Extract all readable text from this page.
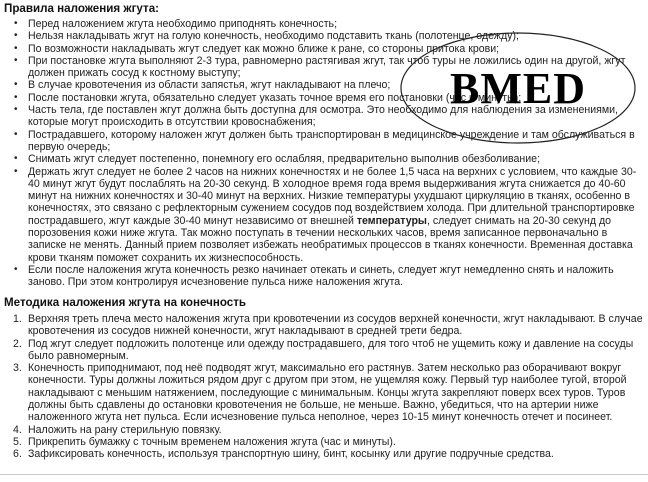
Правила наложения жгута:
• Перед наложением жгута необходимо приподнять конечность;
• Нельзя накладывать жгут на голую конечность, необходимо подставить ткань (полотенце, одежду);
• По возможности накладывать жгут следует как можно ближе к ране, со стороны притока крови;
• При постановке жгута выполняют 2-3 тура, равномерно растягивая жгут, так чтоб туры не ложились один на другой, жгут должен прижать сосуд к костному выступу;
• В случае кровотечения из области запястья, жгут накладывают на плечо;
• После постановки жгута, обязательно следует указать точное время его постановки (час и минуты);
• Часть тела, где поставлен жгут должна быть доступна для осмотра. Это необходимо для наблюдения за изменениями, которые могут происходить в отсутствии кровоснабжения;
• Пострадавшего, которому наложен жгут должен быть транспортирован в медицинское учреждение и там обслуживаться в первую очередь;
• Снимать жгут следует постепенно, понемногу его ослабляя, предварительно выполнив обезболивание;
• Держать жгут следует не более 2 часов на нижних конечностях и не более 1,5 часа на верхних с условием, что каждые 30-40 минут жгут будут послаблять на 20-30 секунд. В холодное время года время выдерживания жгута снижается до 40-60 минут на нижних конечностях и 30-40 минут на верхних. Низкие температуры ухудшают циркуляцию в тканях, особенно в конечностях, это связано с рефлекторным сужением сосудов под воздействием холода. При длительной транспортировке пострадавшего, жгут каждые 30-40 минут независимо от внешней температуры, следует снимать на 20-30 секунд до порозовения кожи ниже жгута. Так можно поступать в течении нескольких часов, время записанное первоначально в записке не менять. Данный прием позволяет избежать необратимых процессов в тканях конечности. Временная доставка крови тканям поможет сохранить их жизнеспособность.
• Если после наложения жгута конечность резко начинает отекать и синеть, следует жгут немедленно снять и наложить заново. При этом контролируя исчезновение пульса ниже наложения жгута.
Методика наложения жгута на конечность
1. Верхняя треть плеча место наложения жгута при кровотечении из сосудов верхней конечности, жгут накладывают. В случае кровотечения из сосудов нижней конечности, жгут накладывают в средней трети бедра.
2. Под жгут следует подложить полотенце или одежду пострадавшего, для того чтоб не ущемить кожу и давление на сосуды было равномерным.
3. Конечность приподнимают, под неё подводят жгут, максимально его растянув. Затем несколько раз оборачивают вокруг конечности. Туры должны ложиться рядом друг с другом при этом, не ущемляя кожу. Первый тур наиболее тугой, второй накладывают с меньшим натяжением, последующие с минимальным. Концы жгута закрепляют поверх всех туров. Туров должны быть сдавлены до остановки кровотечения не больше, не меньше. Важно, убедиться, что на артерии ниже наложенного жгута нет пульса. Если исчезновение пульса неполное, через 10-15 минут конечность отечет и посинеет.
4. Наложить на рану стерильную повязку.
5. Прикрепить бумажку с точным временем наложения жгута (час и минуты).
6. Зафиксировать конечность, используя транспортную шину, бинт, косынку или другие подручные средства.
BMED
